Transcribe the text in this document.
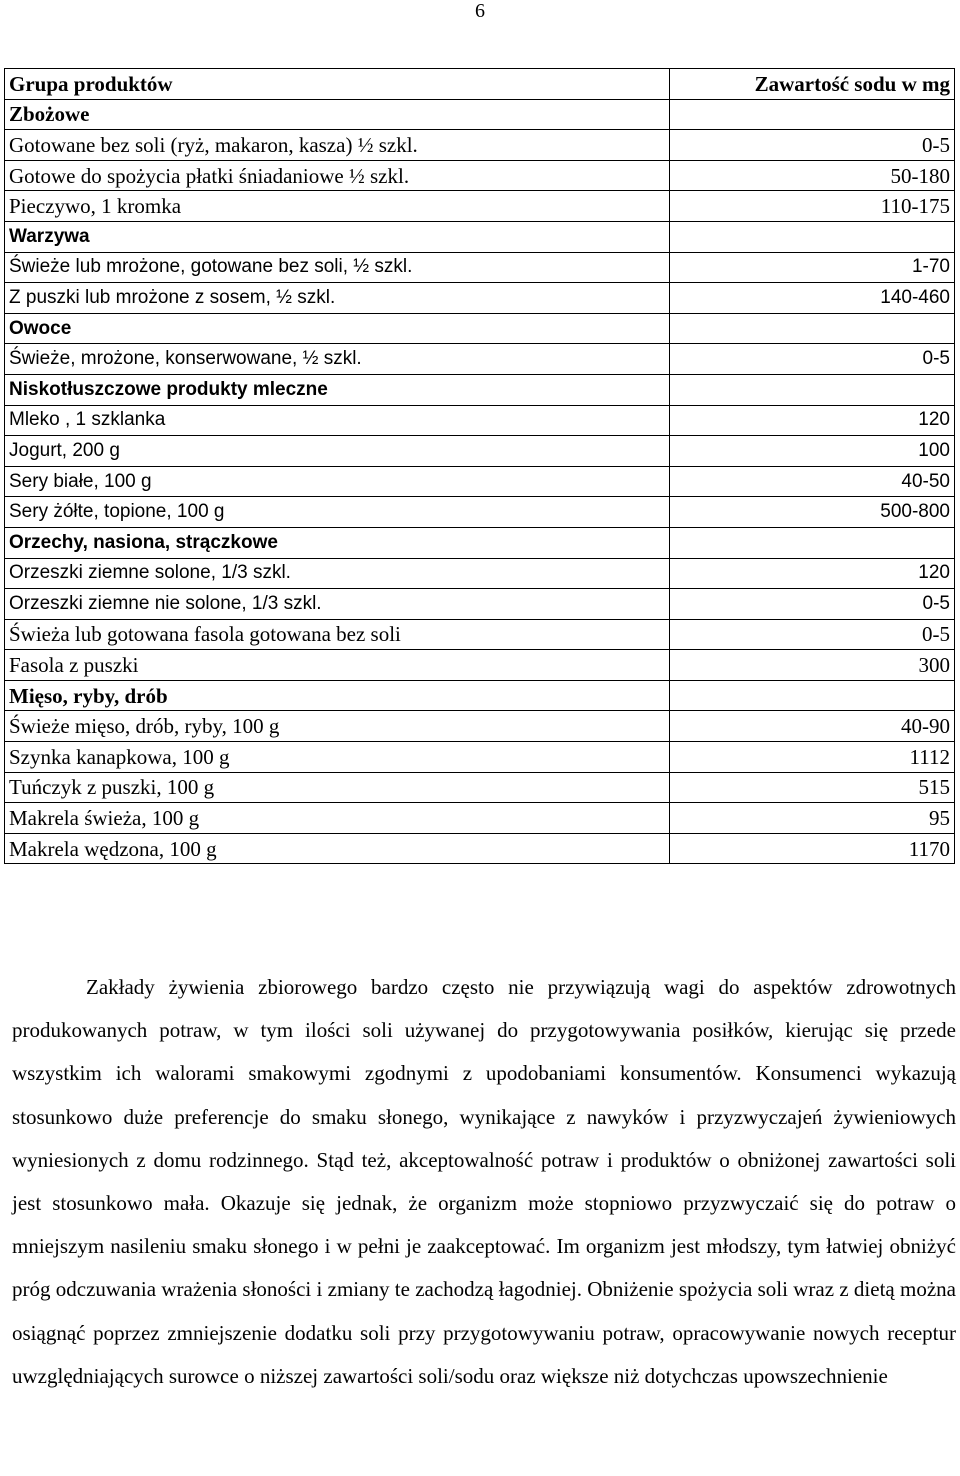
6
Grupa produktów	Zawartość sodu w mg
Zbożowe	
Gotowane bez soli (ryż, makaron, kasza) ½ szkl.	0-5
Gotowe do spożycia płatki śniadaniowe ½ szkl.	50-180
Pieczywo, 1 kromka	110-175
Warzywa	
Świeże lub mrożone, gotowane bez soli, ½ szkl.	1-70
Z puszki lub mrożone z sosem, ½ szkl.	140-460
Owoce	
Świeże, mrożone, konserwowane, ½ szkl.	0-5
Niskotłuszczowe produkty mleczne	
Mleko , 1 szklanka	120
Jogurt, 200 g	100
Sery białe, 100 g	40-50
Sery żółte, topione, 100 g	500-800
Orzechy, nasiona, strączkowe	
Orzeszki ziemne solone, 1/3 szkl.	120
Orzeszki ziemne nie solone, 1/3 szkl.	0-5
Świeża lub gotowana fasola gotowana bez soli	0-5
Fasola z puszki	300
Mięso, ryby, drób	
Świeże mięso, drób, ryby, 100 g	40-90
Szynka kanapkowa, 100 g	1112
Tuńczyk z puszki, 100 g	515
Makrela świeża, 100 g	95
Makrela wędzona, 100 g	1170

Zakłady żywienia zbiorowego bardzo często nie przywiązują wagi do aspektów zdrowotnych produkowanych potraw, w tym ilości soli używanej do przygotowywania posiłków, kierując się przede wszystkim ich walorami smakowymi zgodnymi z upodobaniami konsumentów. Konsumenci wykazują stosunkowo duże preferencje do smaku słonego, wynikające z nawyków i przyzwyczajeń żywieniowych wyniesionych z domu rodzinnego. Stąd też, akceptowalność potraw i produktów o obniżonej zawartości soli jest stosunkowo mała. Okazuje się jednak, że organizm może stopniowo przyzwyczaić się do potraw o mniejszym nasileniu smaku słonego i w pełni je zaakceptować. Im organizm jest młodszy, tym łatwiej obniżyć próg odczuwania wrażenia słoności i zmiany te zachodzą łagodniej. Obniżenie spożycia soli wraz z dietą można osiągnąć poprzez zmniejszenie dodatku soli przy przygotowywaniu potraw, opracowywanie nowych receptur uwzględniających surowce o niższej zawartości soli/sodu oraz większe niż dotychczas upowszechnienie
